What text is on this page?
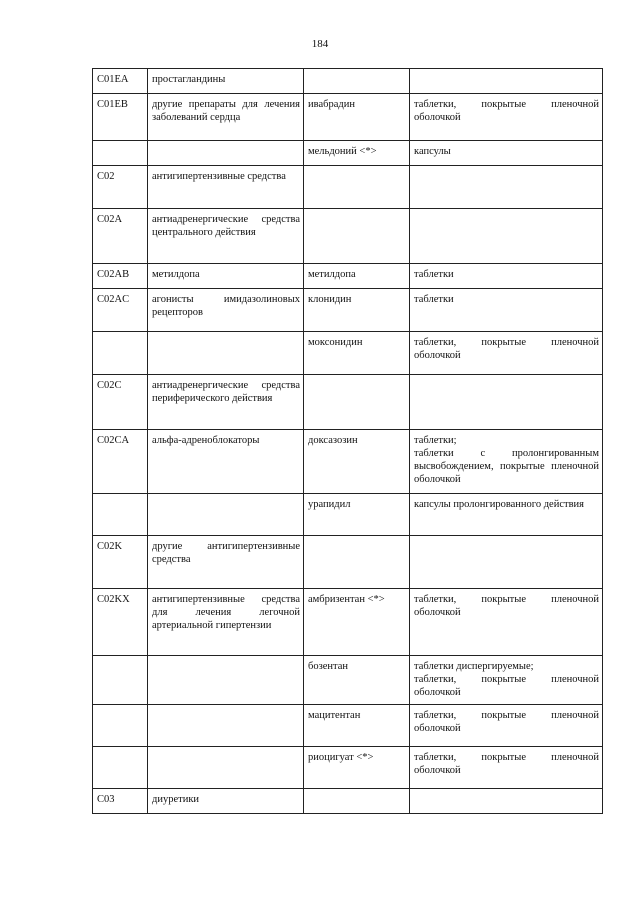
184
C01EA	простагландины		
C01EB	другие препараты для лечения заболеваний сердца	ивабрадин	таблетки, покрытые пленочной оболочкой

		мельдоний <*>	капсулы

C02	антигипертензивные средства		
C02A	антиадренергические средства центрального действия		
C02AB	метилдопа	метилдопа	таблетки

C02AC	агонисты имидазолиновых рецепторов	клонидин	таблетки

		моксонидин	таблетки, покрытые пленочной оболочкой

C02C	антиадренергические средства периферического действия		
C02CA	альфа-адреноблокаторы	доксазозин	таблетки;
таблетки с пролонгированным высвобождением, покрытые пленочной оболочкой

		урапидил	капсулы пролонгированного действия

C02K	другие антигипертензивные средства		
C02KX	антигипертензивные средства для лечения легочной артериальной гипертензии	амбризентан <*>	таблетки, покрытые пленочной оболочкой

		бозентан	таблетки диспергируемые;
таблетки, покрытые пленочной оболочкой

		мацитентан	таблетки, покрытые пленочной оболочкой

		риоцигуат <*>	таблетки, покрытые пленочной оболочкой

C03	диуретики		
